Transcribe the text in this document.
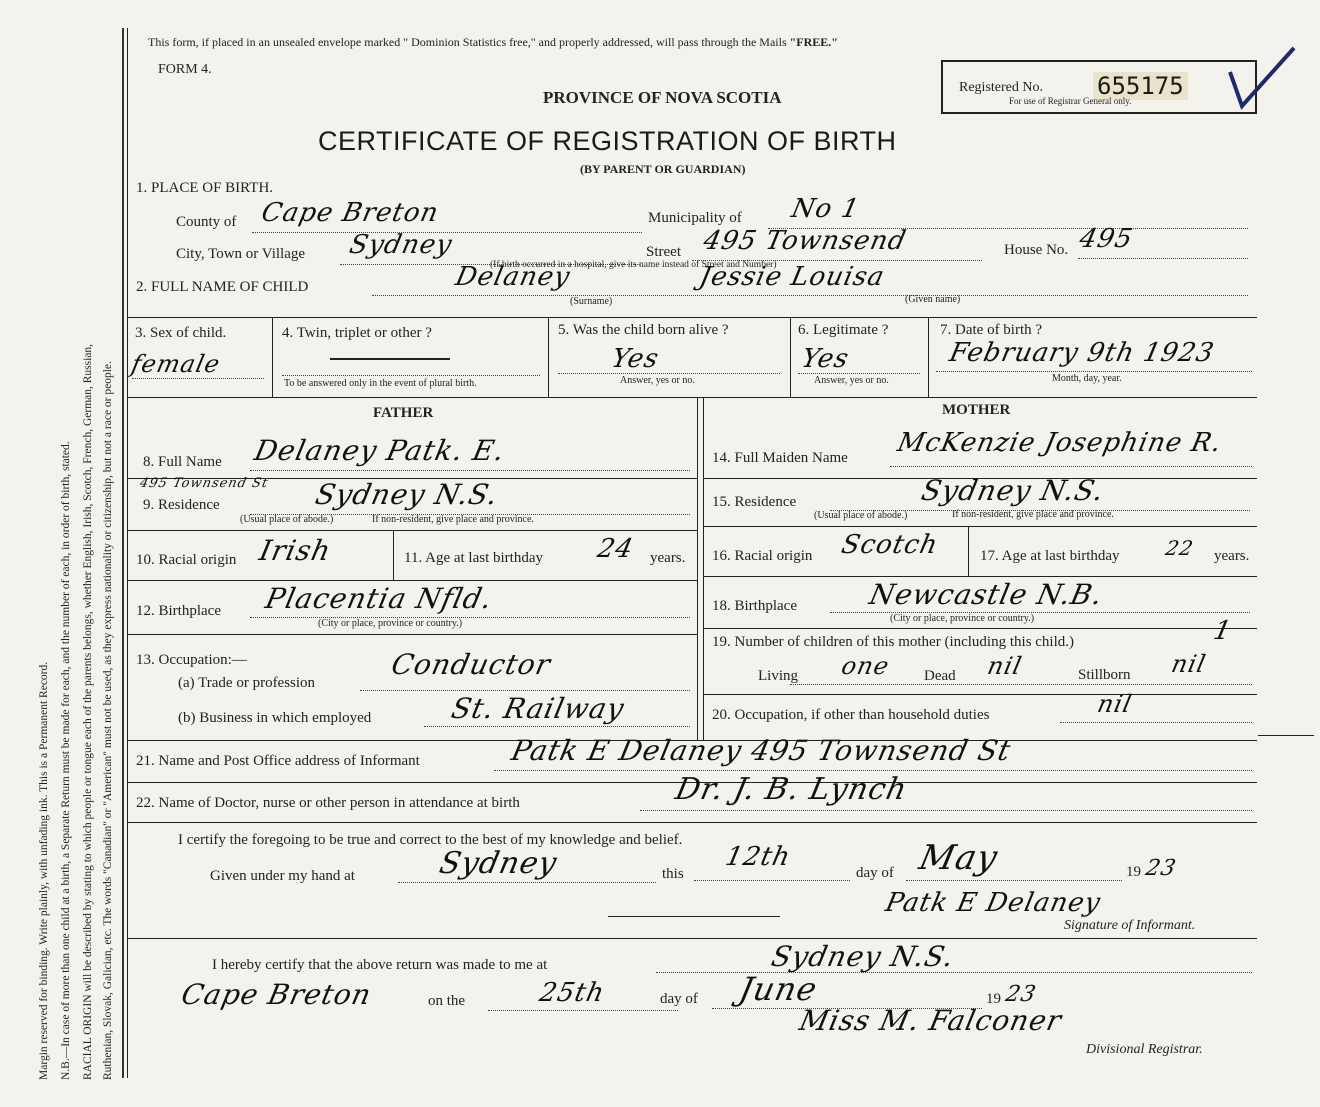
Margin reserved for binding. Write plainly, with unfading ink. This is a Permanent Record. N.B.—In case of more than one child at a birth, a Separate Return must be made for each, and the number of each, in order of birth, stated. RACIAL ORIGIN will be described by stating to which people or tongue each of the parents belongs, whether English, Irish, Scotch, French, German, Russian, Ruthenian, Slovak, Galician, etc. The words "Canadian" or "American" must not be used, as they express nationality or citizenship, but not a race or people.
This form, if placed in an unsealed envelope marked " Dominion Statistics free," and properly addressed, will pass through the Mails "FREE."
FORM 4.
PROVINCE OF NOVA SCOTIA
CERTIFICATE OF REGISTRATION OF BIRTH
(BY PARENT OR GUARDIAN)
Registered No. 655175
For use of Registrar General only.
1. PLACE OF BIRTH.
County of Cape Breton	Municipality of No 1
City, Town or Village Sydney	Street 495 Townsend	House No. 495
(If birth occurred in a hospital, give its name instead of Street and Number)
2. FULL NAME OF CHILD	Delaney	Jessie Louisa
(Surname)	(Given name)
3. Sex of child.
female
4. Twin, triplet or other ?
To be answered only in the event of plural birth.
5. Was the child born alive ?
Yes
Answer, yes or no.
6. Legitimate ?
Yes
Answer, yes or no.
7. Date of birth ?
February 9th 1923
Month, day, year.
FATHER	MOTHER
8. Full Name Delaney Patk. E.
495 Townsend St
9. Residence	Sydney N.S.
(Usual place of abode.)	If non-resident, give place and province.
10. Racial origin Irish	11. Age at last birthday 24 years.
12. Birthplace Placentia Nfld.
(City or place, province or country.)
13. Occupation:—
(a) Trade or profession
Conductor
(b) Business in which employed	St. Railway
14. Full Maiden Name McKenzie Josephine R.
15. Residence	Sydney N.S.
(Usual place of abode.)	If non-resident, give place and province.
16. Racial origin Scotch	17. Age at last birthday 22 years.
18. Birthplace Newcastle N.B.
(City or place, province or country.)
19. Number of children of this mother (including this child.)	1
Living one Dead nil	Stillborn nil
20. Occupation, if other than household duties	nil
21. Name and Post Office address of Informant	Patk E Delaney 495 Townsend St
22. Name of Doctor, nurse or other person in attendance at birth	Dr. J. B. Lynch
I certify the foregoing to be true and correct to the best of my knowledge and belief.
Given under my hand at	Sydney	this
12th
day of May	19 23
Patk E Delaney
Signature of Informant.
I hereby certify that the above return was made to me at	Sydney N.S.
Cape Breton	on the	25th	day of June	19 23
Miss M. Falconer
Divisional Registrar.
